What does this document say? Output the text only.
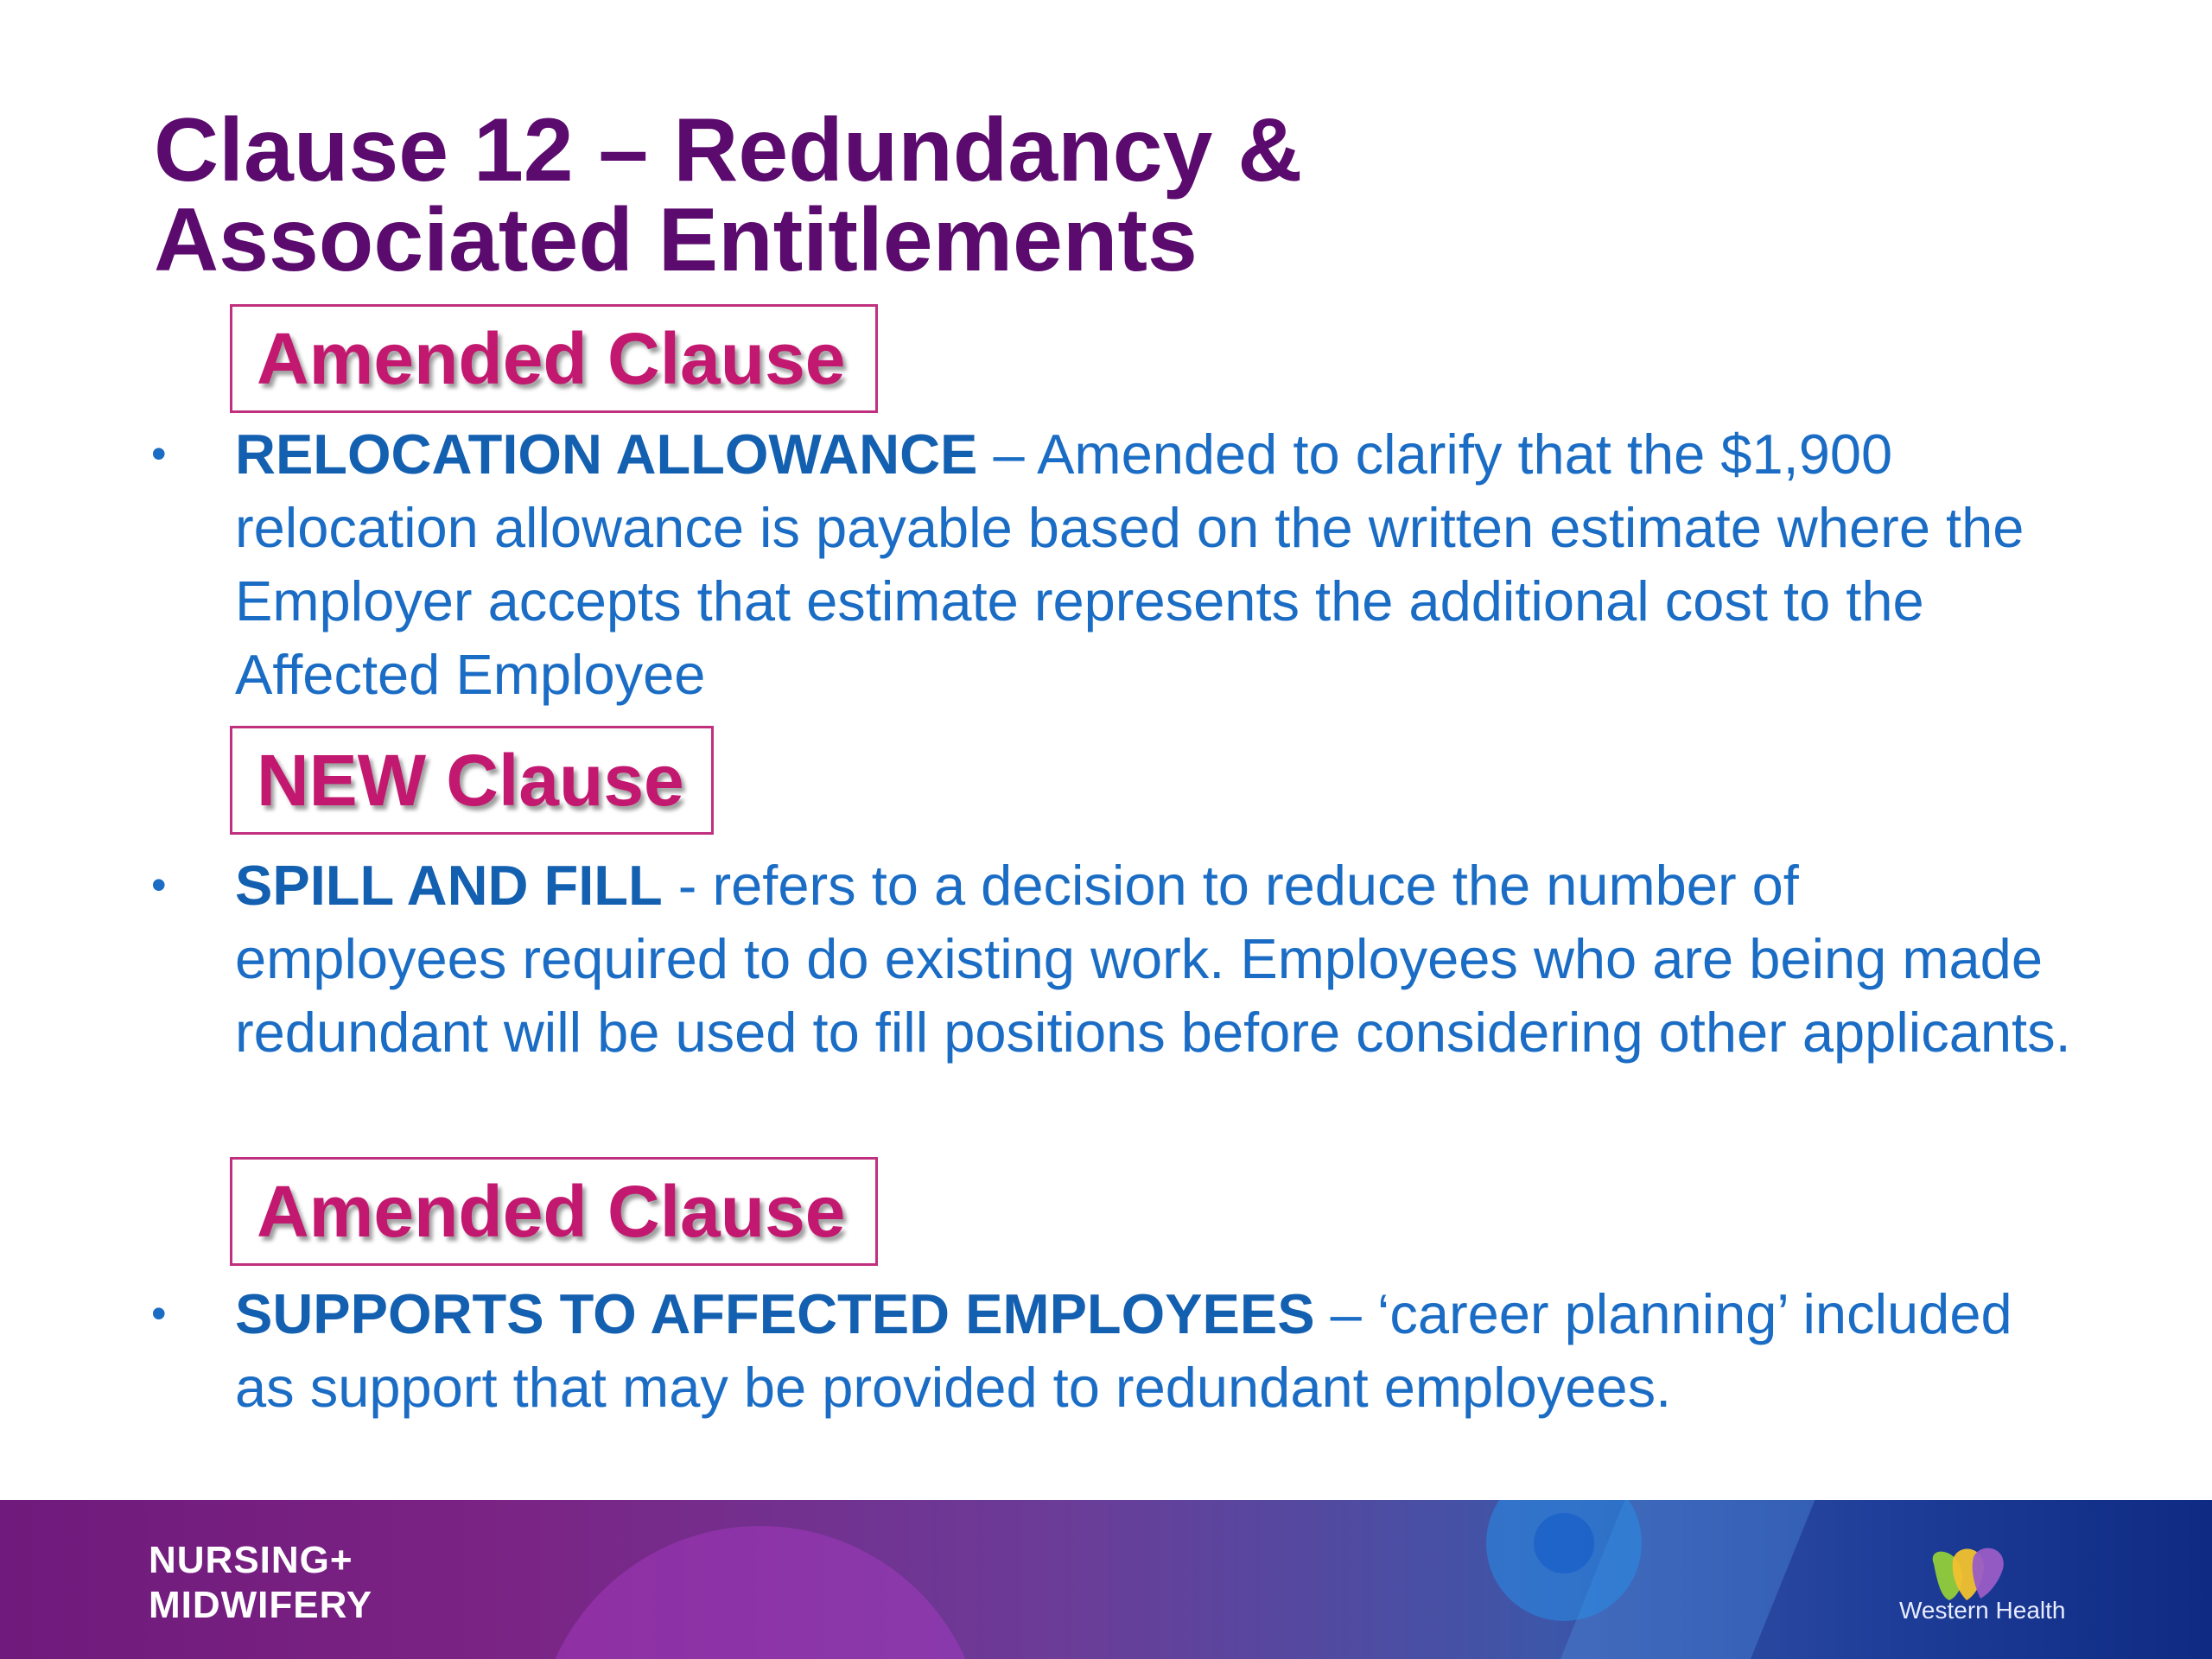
Clause 12 – Redundancy &
Associated Entitlements
Amended Clause
• RELOCATION ALLOWANCE – Amended to clarify that the $1,900 relocation allowance is payable based on the written estimate where the Employer accepts that estimate represents the additional cost to the Affected Employee
NEW Clause
• SPILL AND FILL - refers to a decision to reduce the number of employees required to do existing work. Employees who are being made redundant will be used to fill positions before considering other applicants.
Amended Clause
• SUPPORTS TO AFFECTED EMPLOYEES – ‘career planning’ included as support that may be provided to redundant employees.
NURSING+
MIDWIFERY	Western Health
